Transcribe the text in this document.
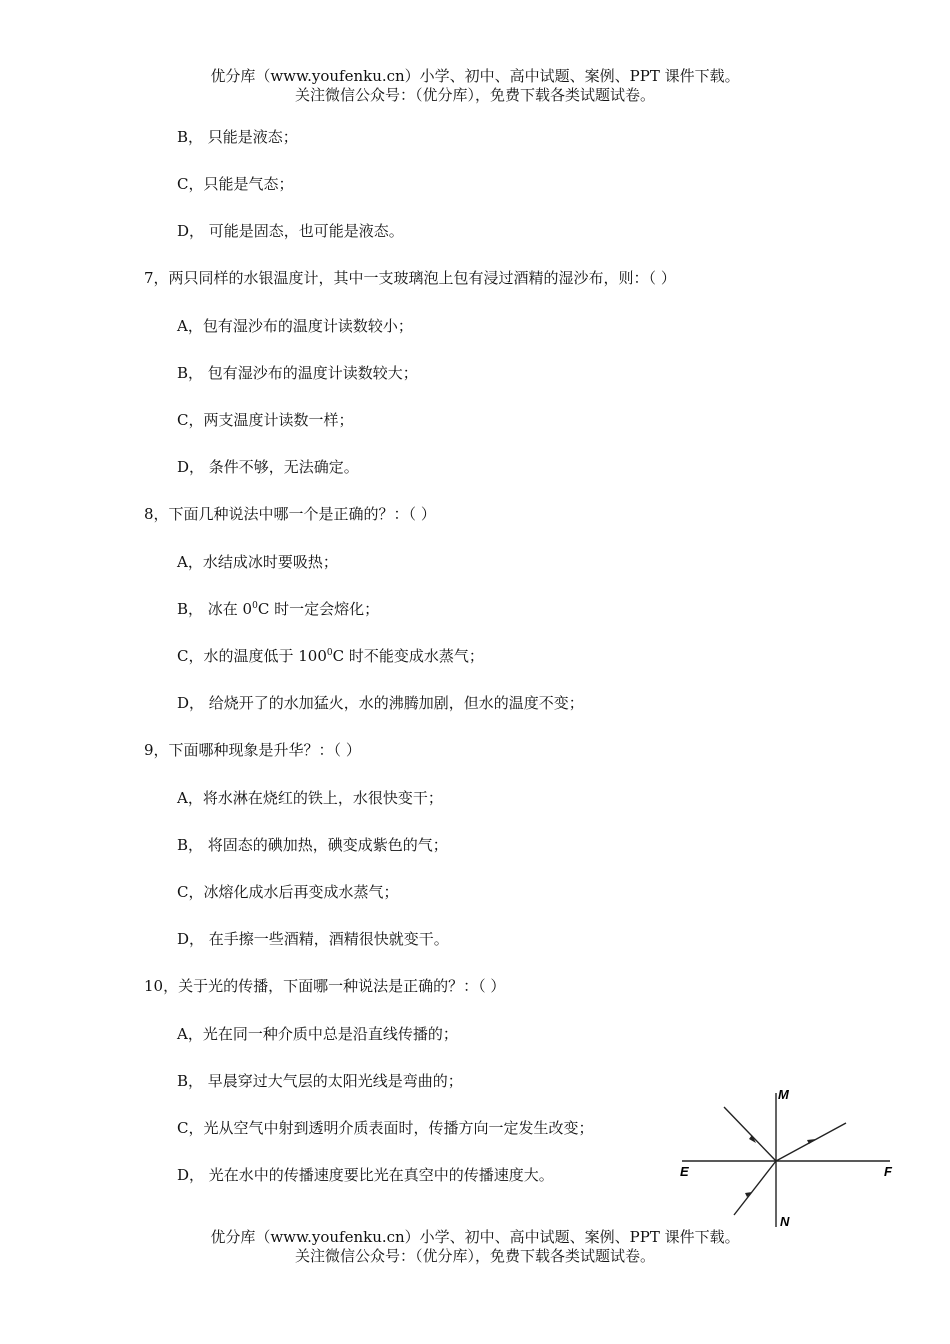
优分库（www.youfenku.cn）小学、初中、高中试题、案例、PPT 课件下载。
关注微信公众号：（优分库），免费下载各类试题试卷。
B， 只能是液态；
C，只能是气态；
D， 可能是固态，也可能是液态。
7，两只同样的水银温度计，其中一支玻璃泡上包有浸过酒精的湿沙布，则：（ ）
A，包有湿沙布的温度计读数较小；
B， 包有湿沙布的温度计读数较大；
C，两支温度计读数一样；
D， 条件不够，无法确定。
8，下面几种说法中哪一个是正确的？：（ ）
A，水结成冰时要吸热；
B， 冰在 $0^0C$ 时一定会熔化；
C，水的温度低于 $100^0C$ 时不能变成水蒸气；
D， 给烧开了的水加猛火，水的沸腾加剧，但水的温度不变；
9，下面哪种现象是升华？：（ ）
A，将水淋在烧红的铁上，水很快变干；
B， 将固态的碘加热，碘变成紫色的气；
C，冰熔化成水后再变成水蒸气；
D， 在手擦一些酒精，酒精很快就变干。
10，关于光的传播，下面哪一种说法是正确的？：（ ）
A，光在同一种介质中总是沿直线传播的；
B， 早晨穿过大气层的太阳光线是弯曲的；
C，光从空气中射到透明介质表面时，传播方向一定发生改变；
D， 光在水中的传播速度要比光在真空中的传播速度大。
M
N
E	F
优分库（www.youfenku.cn）小学、初中、高中试题、案例、PPT 课件下载。
关注微信公众号：（优分库），免费下载各类试题试卷。
